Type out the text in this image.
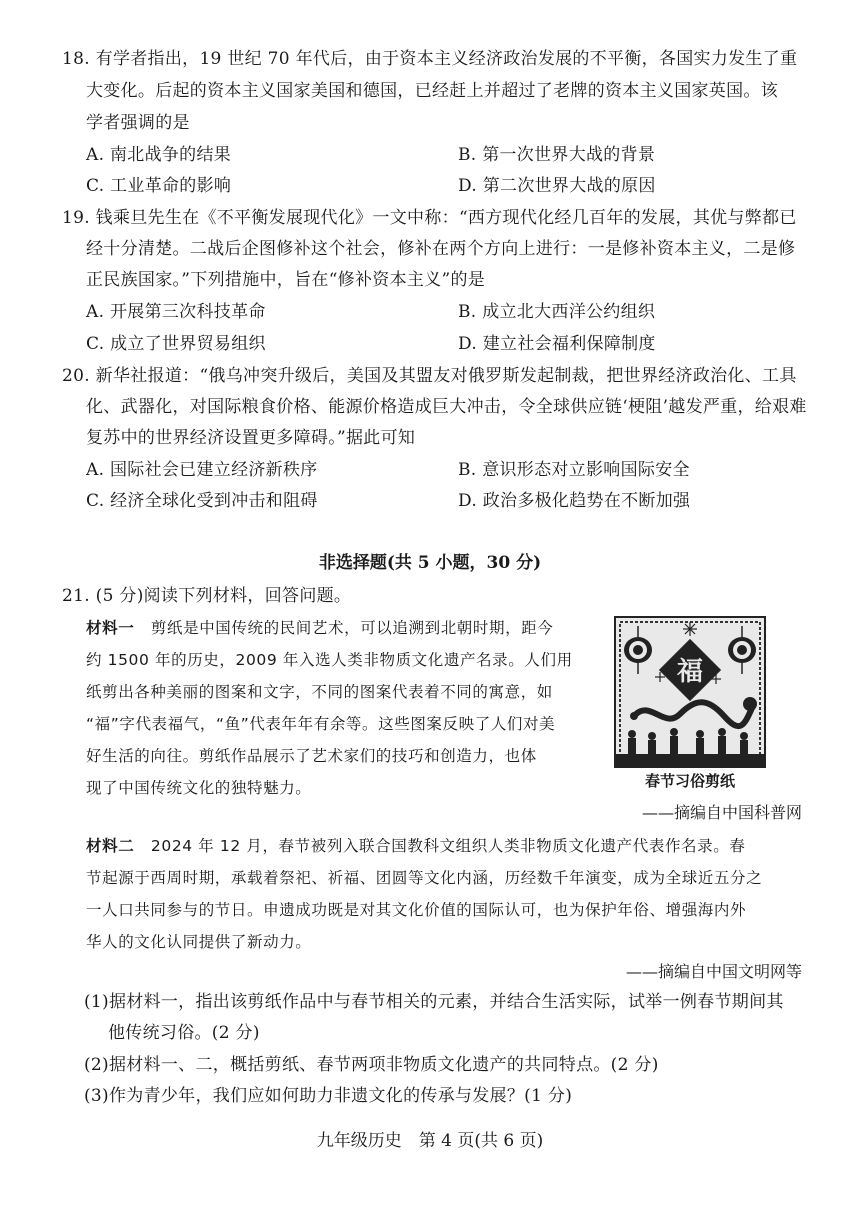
18. 有学者指出，19 世纪 70 年代后，由于资本主义经济政治发展的不平衡，各国实力发生了重
大变化。后起的资本主义国家美国和德国，已经赶上并超过了老牌的资本主义国家英国。该
学者强调的是
A. 南北战争的结果	B. 第一次世界大战的背景
C. 工业革命的影响	D. 第二次世界大战的原因
19. 钱乘旦先生在《不平衡发展现代化》一文中称：“西方现代化经几百年的发展，其优与弊都已
经十分清楚。二战后企图修补这个社会，修补在两个方向上进行：一是修补资本主义，二是修
正民族国家。”下列措施中，旨在“修补资本主义”的是
A. 开展第三次科技革命	B. 成立北大西洋公约组织
C. 成立了世界贸易组织	D. 建立社会福利保障制度
20. 新华社报道：“俄乌冲突升级后，美国及其盟友对俄罗斯发起制裁，把世界经济政治化、工具
化、武器化，对国际粮食价格、能源价格造成巨大冲击，令全球供应链‘梗阻’越发严重，给艰难
复苏中的世界经济设置更多障碍。”据此可知
A. 国际社会已建立经济新秩序	B. 意识形态对立影响国际安全
C. 经济全球化受到冲击和阻碍	D. 政治多极化趋势在不断加强
非选择题(共 5 小题，30 分)
21. (5 分)阅读下列材料，回答问题。
材料一 剪纸是中国传统的民间艺术，可以追溯到北朝时期，距今
约 1500 年的历史，2009 年入选人类非物质文化遗产名录。人们用
纸剪出各种美丽的图案和文字，不同的图案代表着不同的寓意，如
“福”字代表福气，“鱼”代表年年有余等。这些图案反映了人们对美
好生活的向往。剪纸作品展示了艺术家们的技巧和创造力，也体
现了中国传统文化的独特魅力。
福
春节习俗剪纸
——摘编自中国科普网
材料二 2024 年 12 月，春节被列入联合国教科文组织人类非物质文化遗产代表作名录。春
节起源于西周时期，承载着祭祀、祈福、团圆等文化内涵，历经数千年演变，成为全球近五分之
一人口共同参与的节日。申遗成功既是对其文化价值的国际认可，也为保护年俗、增强海内外
华人的文化认同提供了新动力。
——摘编自中国文明网等
(1)据材料一，指出该剪纸作品中与春节相关的元素，并结合生活实际，试举一例春节期间其
他传统习俗。(2 分)
(2)据材料一、二，概括剪纸、春节两项非物质文化遗产的共同特点。(2 分)
(3)作为青少年，我们应如何助力非遗文化的传承与发展？(1 分)
九年级历史　第 4 页(共 6 页)
